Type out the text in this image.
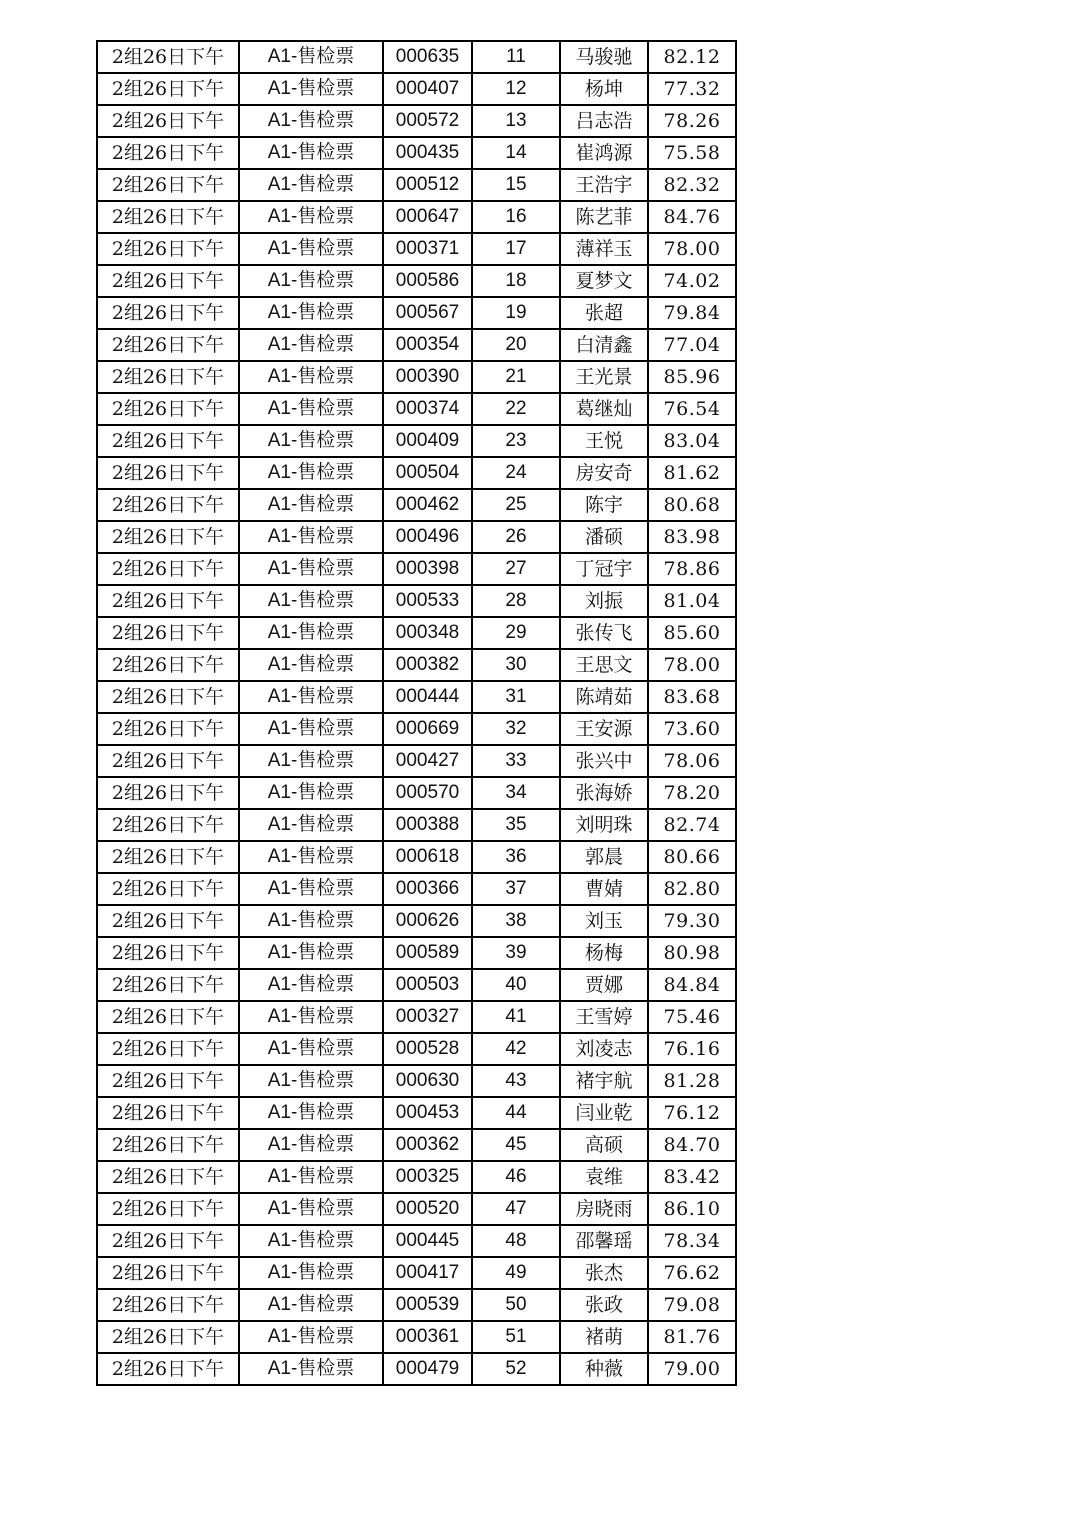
2组26日下午	A1-售检票	000635	11	马骏驰	82.12
2组26日下午	A1-售检票	000407	12	杨坤	77.32
2组26日下午	A1-售检票	000572	13	吕志浩	78.26
2组26日下午	A1-售检票	000435	14	崔鸿源	75.58
2组26日下午	A1-售检票	000512	15	王浩宇	82.32
2组26日下午	A1-售检票	000647	16	陈艺菲	84.76
2组26日下午	A1-售检票	000371	17	薄祥玉	78.00
2组26日下午	A1-售检票	000586	18	夏梦文	74.02
2组26日下午	A1-售检票	000567	19	张超	79.84
2组26日下午	A1-售检票	000354	20	白清鑫	77.04
2组26日下午	A1-售检票	000390	21	王光景	85.96
2组26日下午	A1-售检票	000374	22	葛继灿	76.54
2组26日下午	A1-售检票	000409	23	王悦	83.04
2组26日下午	A1-售检票	000504	24	房安奇	81.62
2组26日下午	A1-售检票	000462	25	陈宇	80.68
2组26日下午	A1-售检票	000496	26	潘硕	83.98
2组26日下午	A1-售检票	000398	27	丁冠宇	78.86
2组26日下午	A1-售检票	000533	28	刘振	81.04
2组26日下午	A1-售检票	000348	29	张传飞	85.60
2组26日下午	A1-售检票	000382	30	王思文	78.00
2组26日下午	A1-售检票	000444	31	陈靖茹	83.68
2组26日下午	A1-售检票	000669	32	王安源	73.60
2组26日下午	A1-售检票	000427	33	张兴中	78.06
2组26日下午	A1-售检票	000570	34	张海娇	78.20
2组26日下午	A1-售检票	000388	35	刘明珠	82.74
2组26日下午	A1-售检票	000618	36	郭晨	80.66
2组26日下午	A1-售检票	000366	37	曹婧	82.80
2组26日下午	A1-售检票	000626	38	刘玉	79.30
2组26日下午	A1-售检票	000589	39	杨梅	80.98
2组26日下午	A1-售检票	000503	40	贾娜	84.84
2组26日下午	A1-售检票	000327	41	王雪婷	75.46
2组26日下午	A1-售检票	000528	42	刘凌志	76.16
2组26日下午	A1-售检票	000630	43	褚宇航	81.28
2组26日下午	A1-售检票	000453	44	闫业乾	76.12
2组26日下午	A1-售检票	000362	45	高硕	84.70
2组26日下午	A1-售检票	000325	46	袁维	83.42
2组26日下午	A1-售检票	000520	47	房晓雨	86.10
2组26日下午	A1-售检票	000445	48	邵馨瑶	78.34
2组26日下午	A1-售检票	000417	49	张杰	76.62
2组26日下午	A1-售检票	000539	50	张政	79.08
2组26日下午	A1-售检票	000361	51	褚萌	81.76
2组26日下午	A1-售检票	000479	52	种薇	79.00
